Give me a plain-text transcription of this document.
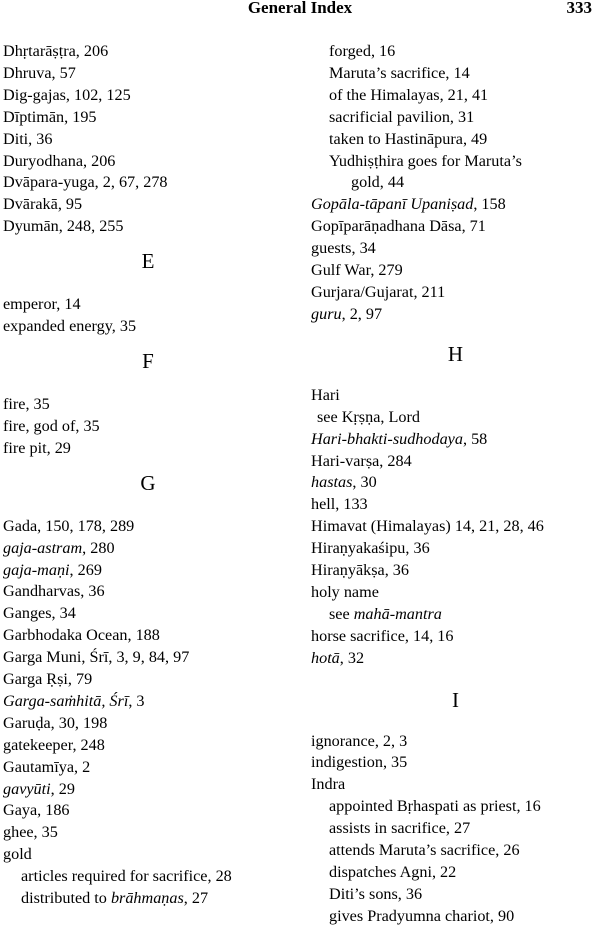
General Index	333
Dhṛtarāṣṭra, 206
Dhruva, 57
Dig-gajas, 102, 125
Dīptimān, 195
Diti, 36
Duryodhana, 206
Dvāpara-yuga, 2, 67, 278
Dvārakā, 95
Dyumān, 248, 255
E
emperor, 14
expanded energy, 35
F
fire, 35
fire, god of, 35
fire pit, 29
G
Gada, 150, 178, 289
gaja-astram, 280
gaja-maṇi, 269
Gandharvas, 36
Ganges, 34
Garbhodaka Ocean, 188
Garga Muni, Śrī, 3, 9, 84, 97
Garga Ṛṣi, 79
Garga-saṁhitā, Śrī, 3
Garuḍa, 30, 198
gatekeeper, 248
Gautamīya, 2
gavyūti, 29
Gaya, 186
ghee, 35
gold
articles required for sacrifice, 28
distributed to brāhmaṇas, 27
forged, 16
Maruta’s sacrifice, 14
of the Himalayas, 21, 41
sacrificial pavilion, 31
taken to Hastināpura, 49
Yudhiṣṭhira goes for Maruta’s
gold, 44
Gopāla-tāpanī Upaniṣad, 158
Gopīparāṇadhana Dāsa, 71
guests, 34
Gulf War, 279
Gurjara/Gujarat, 211
guru, 2, 97
H
Hari
see Kṛṣṇa, Lord
Hari-bhakti-sudhodaya, 58
Hari-varṣa, 284
hastas, 30
hell, 133
Himavat (Himalayas) 14, 21, 28, 46
Hiraṇyakaśipu, 36
Hiraṇyākṣa, 36
holy name
see mahā-mantra
horse sacrifice, 14, 16
hotā, 32
I
ignorance, 2, 3
indigestion, 35
Indra
appointed Bṛhaspati as priest, 16
assists in sacrifice, 27
attends Maruta’s sacrifice, 26
dispatches Agni, 22
Diti’s sons, 36
gives Pradyumna chariot, 90
